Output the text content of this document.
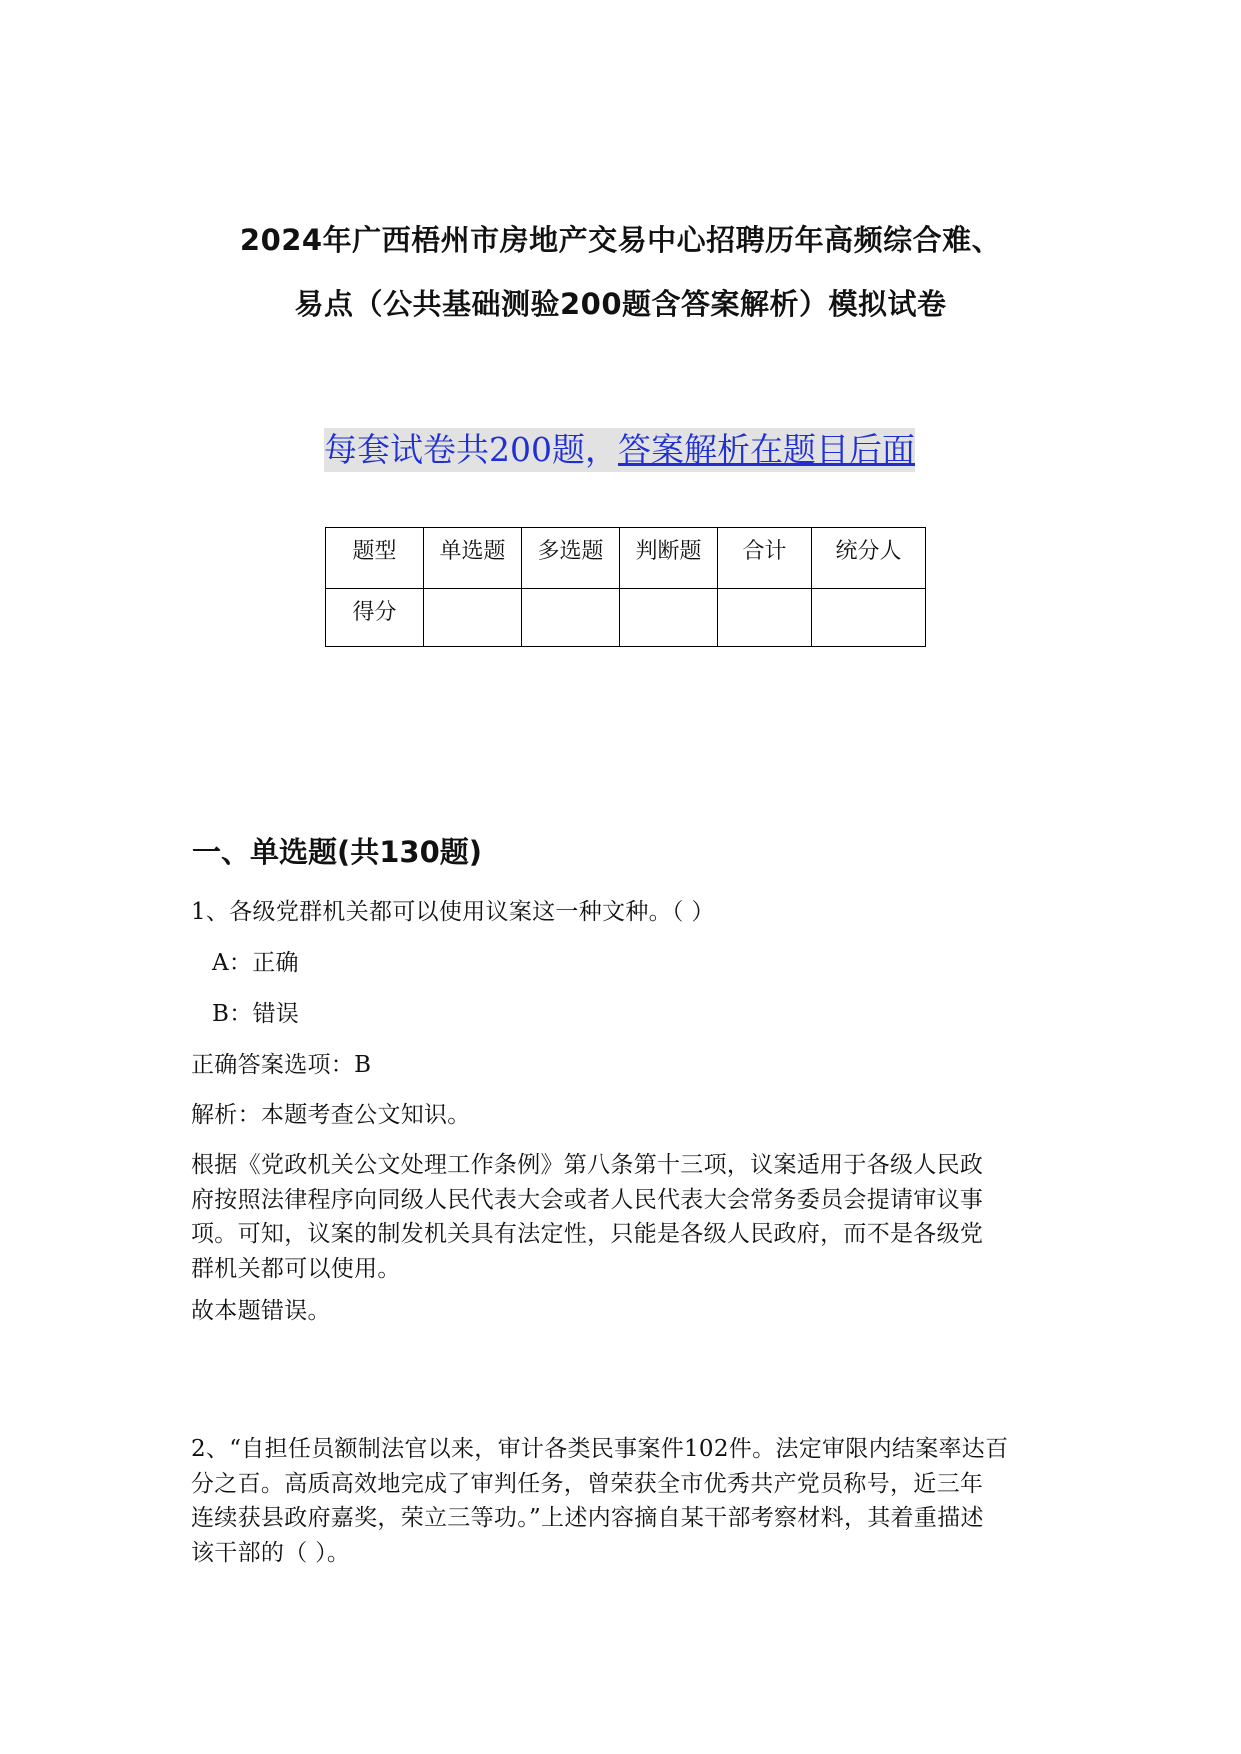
2024年广西梧州市房地产交易中心招聘历年高频综合难、
易点（公共基础测验200题含答案解析）模拟试卷
每套试卷共200题，答案解析在题目后面
题型	单选题	多选题	判断题	合计	统分人
得分					
一、单选题(共130题)
1、各级党群机关都可以使用议案这一种文种。（ ）
A：正确
B：错误
正确答案选项：B
解析：本题考查公文知识。
根据《党政机关公文处理工作条例》第八条第十三项，议案适用于各级人民政
府按照法律程序向同级人民代表大会或者人民代表大会常务委员会提请审议事
项。可知，议案的制发机关具有法定性，只能是各级人民政府，而不是各级党
群机关都可以使用。
故本题错误。
2、“自担任员额制法官以来，审计各类民事案件102件。法定审限内结案率达百
分之百。高质高效地完成了审判任务，曾荣获全市优秀共产党员称号，近三年
连续获县政府嘉奖，荣立三等功。”上述内容摘自某干部考察材料，其着重描述
该干部的（ ）。
